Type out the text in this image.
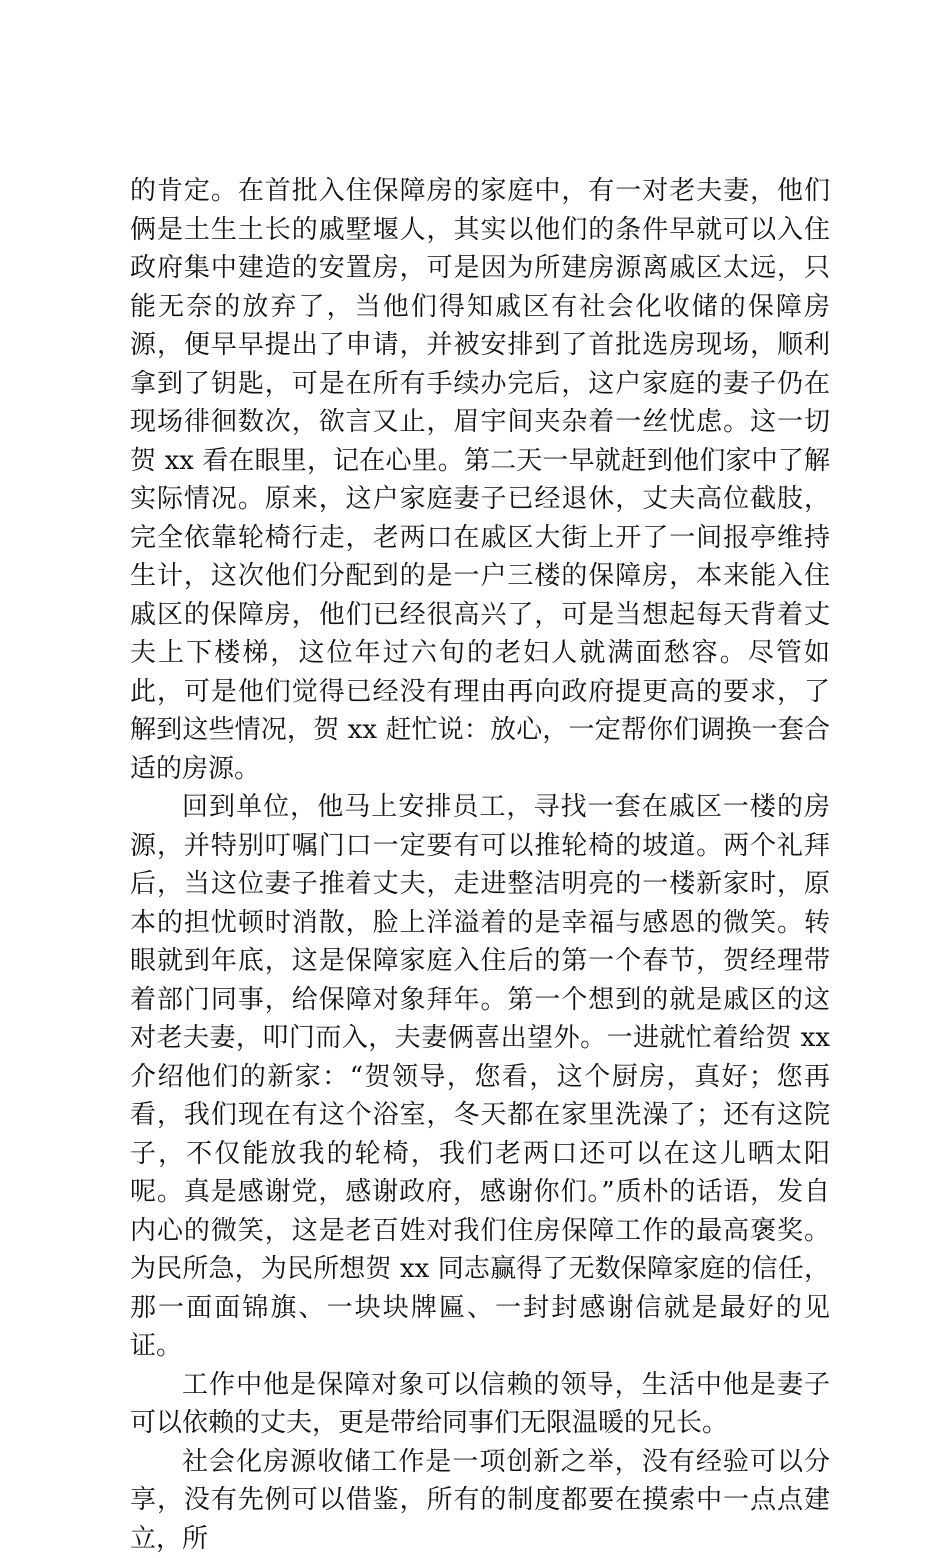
的肯定。在首批入住保障房的家庭中，有一对老夫妻，他们俩是土生土长的戚墅堰人，其实以他们的条件早就可以入住政府集中建造的安置房，可是因为所建房源离戚区太远，只能无奈的放弃了，当他们得知戚区有社会化收储的保障房源，便早早提出了申请，并被安排到了首批选房现场，顺利拿到了钥匙，可是在所有手续办完后，这户家庭的妻子仍在现场徘徊数次，欲言又止，眉宇间夹杂着一丝忧虑。这一切贺 xx 看在眼里，记在心里。第二天一早就赶到他们家中了解实际情况。原来，这户家庭妻子已经退休，丈夫高位截肢，完全依靠轮椅行走，老两口在戚区大街上开了一间报亭维持生计，这次他们分配到的是一户三楼的保障房，本来能入住戚区的保障房，他们已经很高兴了，可是当想起每天背着丈夫上下楼梯，这位年过六旬的老妇人就满面愁容。尽管如此，可是他们觉得已经没有理由再向政府提更高的要求，了解到这些情况，贺 xx 赶忙说：放心，一定帮你们调换一套合适的房源。

回到单位，他马上安排员工，寻找一套在戚区一楼的房源，并特别叮嘱门口一定要有可以推轮椅的坡道。两个礼拜后，当这位妻子推着丈夫，走进整洁明亮的一楼新家时，原本的担忧顿时消散，脸上洋溢着的是幸福与感恩的微笑。转眼就到年底，这是保障家庭入住后的第一个春节，贺经理带着部门同事，给保障对象拜年。第一个想到的就是戚区的这对老夫妻，叩门而入，夫妻俩喜出望外。一进就忙着给贺 xx 介绍他们的新家：“贺领导，您看，这个厨房，真好；您再看，我们现在有这个浴室，冬天都在家里洗澡了；还有这院子，不仅能放我的轮椅，我们老两口还可以在这儿晒太阳呢。真是感谢党，感谢政府，感谢你们。”质朴的话语，发自内心的微笑，这是老百姓对我们住房保障工作的最高褒奖。为民所急，为民所想贺 xx 同志赢得了无数保障家庭的信任，那一面面锦旗、一块块牌匾、一封封感谢信就是最好的见证。

工作中他是保障对象可以信赖的领导，生活中他是妻子可以依赖的丈夫，更是带给同事们无限温暖的兄长。

社会化房源收储工作是一项创新之举，没有经验可以分享，没有先例可以借鉴，所有的制度都要在摸索中一点点建立，所
